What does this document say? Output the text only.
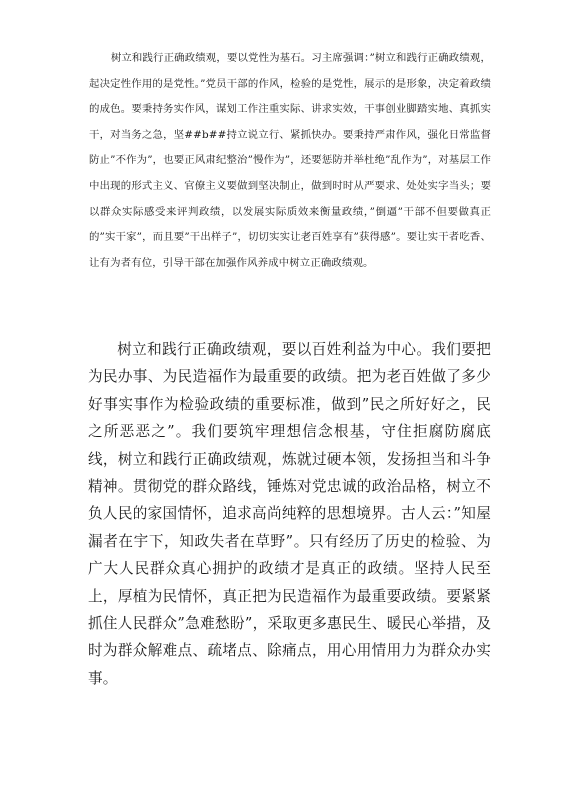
树立和践行正确政绩观，要以党性为基石。习主席强调：”树立和践行正确政绩观，起决定性作用的是党性。”党员干部的作风，检验的是党性，展示的是形象，决定着政绩的成色。要秉持务实作风，谋划工作注重实际、讲求实效，干事创业脚踏实地、真抓实干，对当务之急，坚##b##持立说立行、紧抓快办。要秉持严肃作风，强化日常监督防止”不作为”，也要正风肃纪整治”慢作为”，还要惩防并举杜绝”乱作为”，对基层工作中出现的形式主义、官僚主义要做到坚决制止，做到时时从严要求、处处实字当头；要以群众实际感受来评判政绩，以发展实际质效来衡量政绩，”倒逼”干部不但要做真正的”实干家”，而且要”干出样子”，切切实实让老百姓享有”获得感”。要让实干者吃香、让有为者有位，引导干部在加强作风养成中树立正确政绩观。

树立和践行正确政绩观，要以百姓利益为中心。我们要把为民办事、为民造福作为最重要的政绩。把为老百姓做了多少好事实事作为检验政绩的重要标准，做到”民之所好好之，民之所恶恶之”。我们要筑牢理想信念根基，守住拒腐防腐底线，树立和践行正确政绩观，炼就过硬本领，发扬担当和斗争精神。贯彻党的群众路线，锤炼对党忠诚的政治品格，树立不负人民的家国情怀，追求高尚纯粹的思想境界。古人云：”知屋漏者在宇下，知政失者在草野”。只有经历了历史的检验、为广大人民群众真心拥护的政绩才是真正的政绩。坚持人民至上，厚植为民情怀，真正把为民造福作为最重要政绩。要紧紧抓住人民群众”急难愁盼”，采取更多惠民生、暖民心举措，及时为群众解难点、疏堵点、除痛点，用心用情用力为群众办实事。
